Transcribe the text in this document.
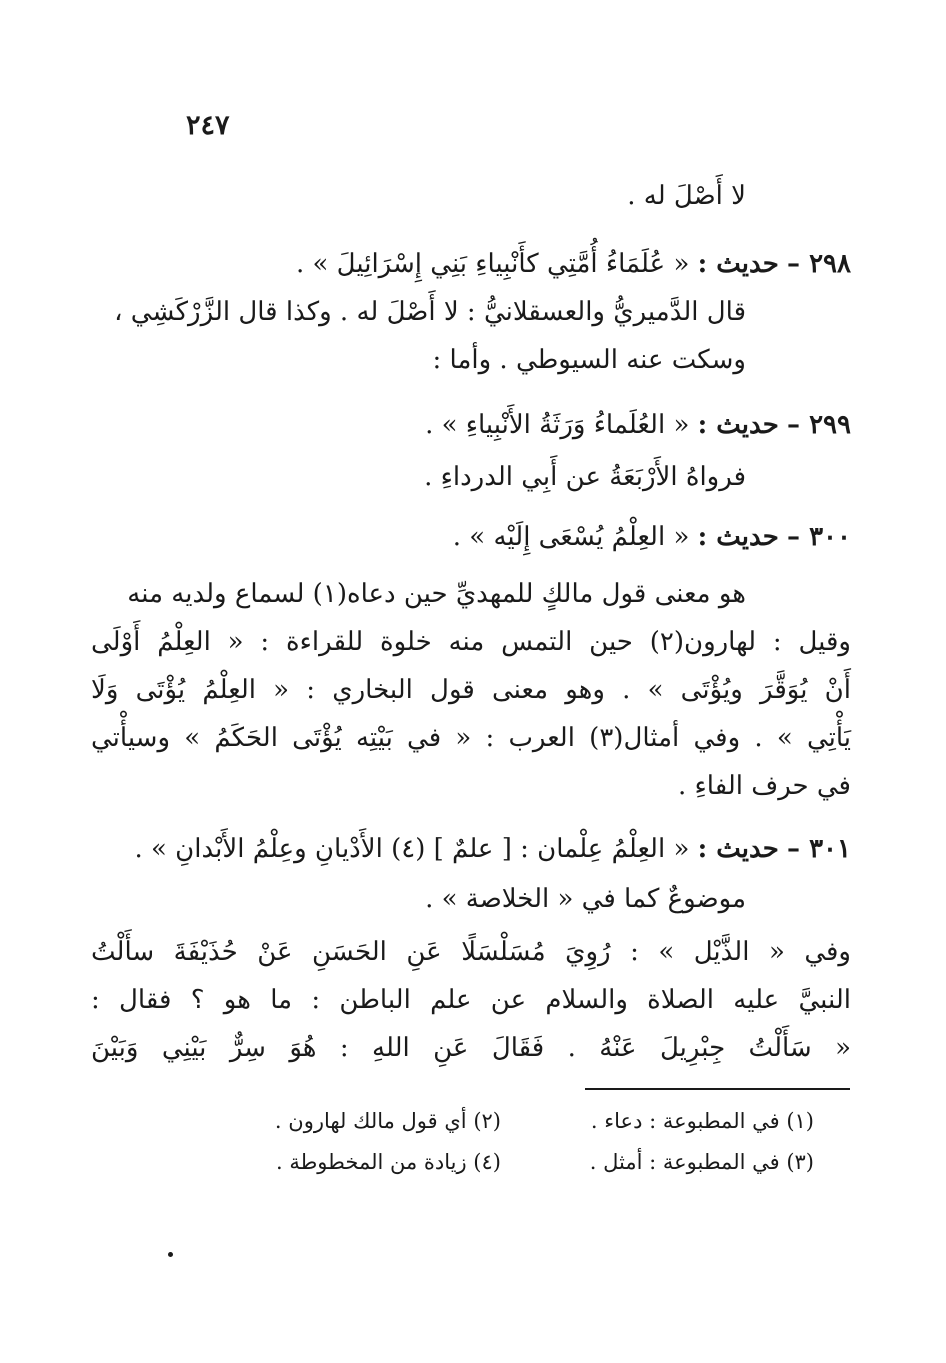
٢٤٧
لا أَصْلَ له .
٢٩٨ – حديث : « عُلَمَاءُ أُمَّتِي كأَنْبِياءِ بَنِي إِسْرَائِيلَ » .
قال الدَّميريُّ والعسقلانيُّ : لا أَصْلَ له . وكذا قال الزَّرْكَشِي ،
وسكت عنه السيوطي . وأما :
٢٩٩ – حديث : « العُلَماءُ وَرَثَةُ الأَنْبِياءِ » .
فرواهُ الأَرْبَعَةُ عن أَبِي الدرداءِ .
٣٠٠ – حديث : « العِلْمُ يُسْعَى إِلَيْه » .
هو معنى قول مالكٍ للمهديِّ حين دعاه(١) لسماع ولديه منه
وقيل : لهارون(٢) حين التمس منه خلوة للقراءة : « العِلْمُ أَوْلَى
أَنْ يُوَقَّرَ ويُؤْتَى » . وهو معنى قول البخاري : « العِلْمُ يُؤْتَى وَلَا
يَأْتِي » . وفي أمثال(٣) العرب : « في بَيْتِه يُؤْتَى الحَكَمُ » وسيأْتي
في حرف الفاءِ .
٣٠١ – حديث : « العِلْمُ عِلْمان : [ علمٌ ] (٤) الأَدْيانِ وعِلْمُ الأَبْدانِ » .
موضوعٌ كما في « الخلاصة » .
وفي « الذَّيْل » : رُوِيَ مُسَلْسَلًا عَنِ الحَسَنِ عَنْ حُذَيْفَةَ سأَلْتُ
النبيَّ عليه الصلاة والسلام عن علم الباطن : ما هو ؟ فقال :
« سَأَلْتُ جِبْرِيلَ عَنْهُ . فَقَالَ عَنِ اللهِ : هُوَ سِرٌّ بَيْنِي وَبَيْنَ
(١) في المطبوعة : دعاء .
(٢) أي قول مالك لهارون .
(٣) في المطبوعة : أمثل .
(٤) زيادة من المخطوطة .
